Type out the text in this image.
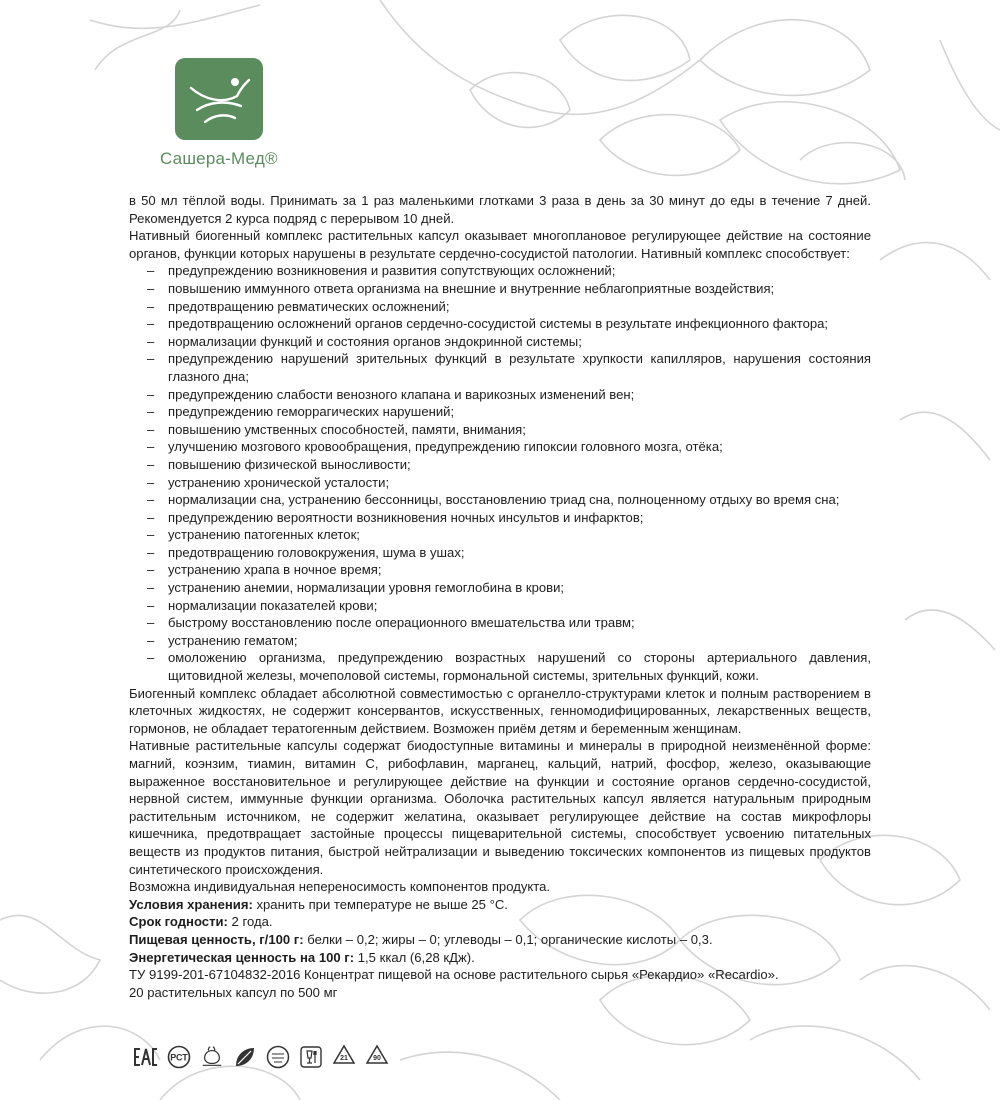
Сашера-Мед®

в 50 мл тёплой воды. Принимать за 1 раз маленькими глотками 3 раза в день за 30 минут до еды в течение 7 дней. Рекомендуется 2 курса подряд с перерывом 10 дней.

Нативный биогенный комплекс растительных капсул оказывает многоплановое регулирующее действие на состояние органов, функции которых нарушены в результате сердечно-сосудистой патологии. Нативный комплекс способствует:

– предупреждению возникновения и развития сопутствующих осложнений;
– повышению иммунного ответа организма на внешние и внутренние неблагоприятные воздействия;
– предотвращению ревматических осложнений;
– предотвращению осложнений органов сердечно-сосудистой системы в результате инфекционного фактора;
– нормализации функций и состояния органов эндокринной системы;
– предупреждению нарушений зрительных функций в результате хрупкости капилляров, нарушения состояния глазного дна;
– предупреждению слабости венозного клапана и варикозных изменений вен;
– предупреждению геморрагических нарушений;
– повышению умственных способностей, памяти, внимания;
– улучшению мозгового кровообращения, предупреждению гипоксии головного мозга, отёка;
– повышению физической выносливости;
– устранению хронической усталости;
– нормализации сна, устранению бессонницы, восстановлению триад сна, полноценному отдыху во время сна;
– предупреждению вероятности возникновения ночных инсультов и инфарктов;
– устранению патогенных клеток;
– предотвращению головокружения, шума в ушах;
– устранению храпа в ночное время;
– устранению анемии, нормализации уровня гемоглобина в крови;
– нормализации показателей крови;
– быстрому восстановлению после операционного вмешательства или травм;
– устранению гематом;
– омоложению организма, предупреждению возрастных нарушений со стороны артериального давления, щитовидной железы, мочеполовой системы, гормональной системы, зрительных функций, кожи.

Биогенный комплекс обладает абсолютной совместимостью с органелло-структурами клеток и полным растворением в клеточных жидкостях, не содержит консервантов, искусственных, генномодифицированных, лекарственных веществ, гормонов, не обладает тератогенным действием. Возможен приём детям и беременным женщинам.

Нативные растительные капсулы содержат биодоступные витамины и минералы в природной неизменённой форме: магний, коэнзим, тиамин, витамин С, рибофлавин, марганец, кальций, натрий, фосфор, железо, оказывающие выраженное восстановительное и регулирующее действие на функции и состояние органов сердечно-сосудистой, нервной систем, иммунные функции организма. Оболочка растительных капсул является натуральным природным растительным источником, не содержит желатина, оказывает регулирующее действие на состав микрофлоры кишечника, предотвращает застойные процессы пищеварительной системы, способствует усвоению питательных веществ из продуктов питания, быстрой нейтрализации и выведению токсических компонентов из пищевых продуктов синтетического происхождения.

Возможна индивидуальная непереносимость компонентов продукта.

Условия хранения: хранить при температуре не выше 25 °С.

Срок годности: 2 года.

Пищевая ценность, г/100 г: белки – 0,2; жиры – 0; углеводы – 0,1; органические кислоты – 0,3.

Энергетическая ценность на 100 г: 1,5 ккал (6,28 кДж).

ТУ 9199-201-67104832-2016 Концентрат пищевой на основе растительного сырья «Рекардио» «Recardio».

20 растительных капсул по 500 мг

РСТ	21	90
